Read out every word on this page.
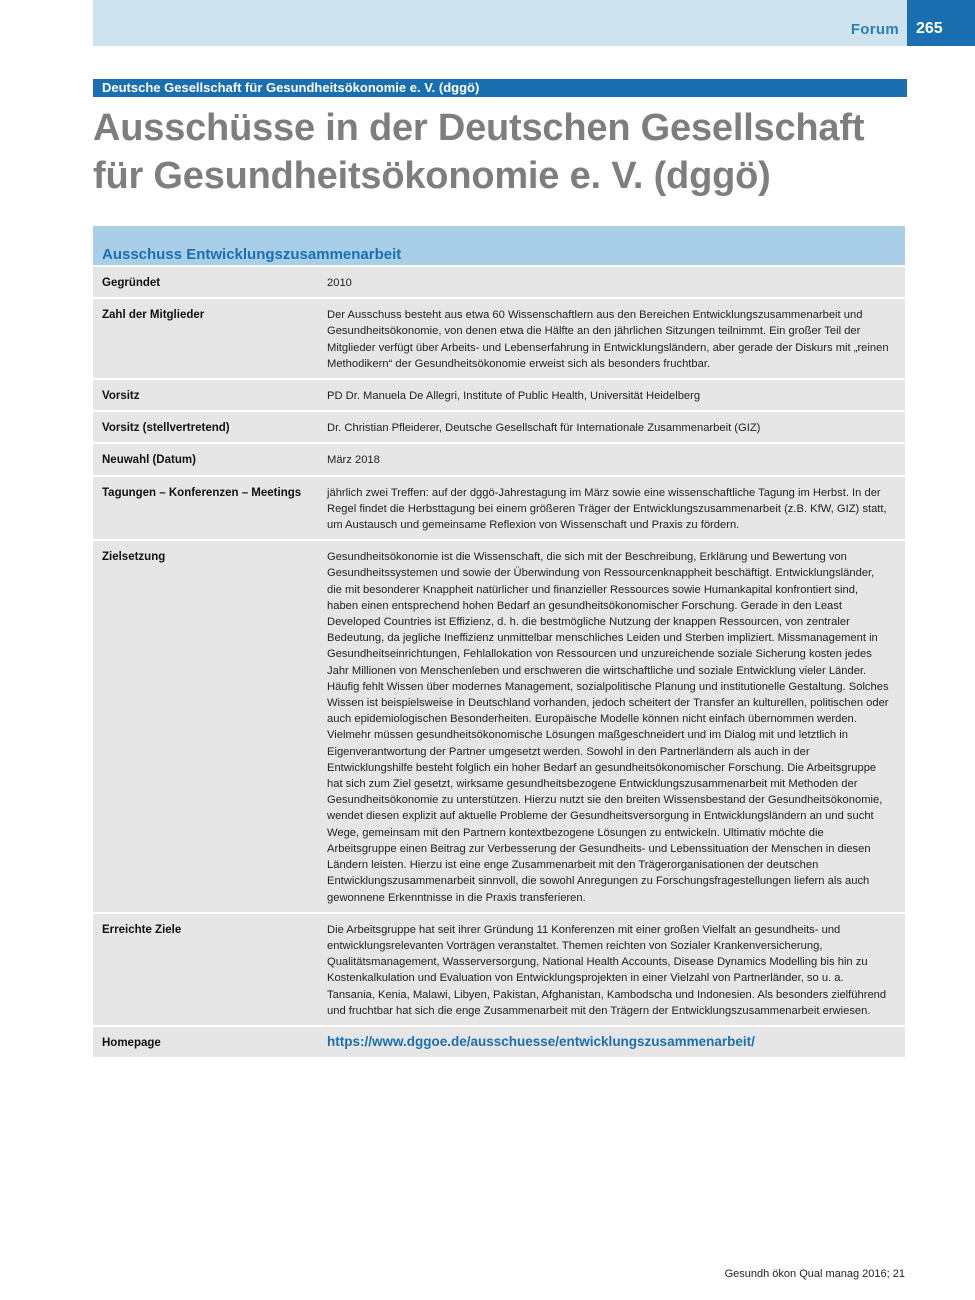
Forum 265
Deutsche Gesellschaft für Gesundheitsökonomie e. V. (dggö)
Ausschüsse in der Deutschen Gesellschaft für Gesundheitsökonomie e. V. (dggö)
Ausschuss Entwicklungszusammenarbeit
Gegründet	2010
Zahl der Mitglieder	Der Ausschuss besteht aus etwa 60 Wissenschaftlern aus den Bereichen Entwicklungszusammenarbeit und Gesundheitsökonomie, von denen etwa die Hälfte an den jährlichen Sitzungen teilnimmt. Ein großer Teil der Mitglieder verfügt über Arbeits- und Lebenserfahrung in Entwicklungsländern, aber gerade der Diskurs mit „reinen Methodikern“ der Gesundheitsökonomie erweist sich als besonders fruchtbar.
Vorsitz	PD Dr. Manuela De Allegri, Institute of Public Health, Universität Heidelberg
Vorsitz (stellvertretend)	Dr. Christian Pfleiderer, Deutsche Gesellschaft für Internationale Zusammenarbeit (GIZ)
Neuwahl (Datum)	März 2018
Tagungen – Konferenzen – Meetings	jährlich zwei Treffen: auf der dggö-Jahrestagung im März sowie eine wissenschaftliche Tagung im Herbst. In der Regel findet die Herbsttagung bei einem größeren Träger der Entwicklungszusammenarbeit (z.B. KfW, GIZ) statt, um Austausch und gemeinsame Reflexion von Wissenschaft und Praxis zu fördern.
Zielsetzung	Gesundheitsökonomie ist die Wissenschaft, die sich mit der Beschreibung, Erklärung und Bewertung von Gesundheitssystemen und sowie der Überwindung von Ressourcenknappheit beschäftigt. Entwicklungsländer, die mit besonderer Knappheit natürlicher und finanzieller Ressources sowie Humankapital konfrontiert sind, haben einen entsprechend hohen Bedarf an gesundheitsökonomischer Forschung. Gerade in den Least Developed Countries ist Effizienz, d. h. die bestmögliche Nutzung der knappen Ressourcen, von zentraler Bedeutung, da jegliche Ineffizienz unmittelbar menschliches Leiden und Sterben impliziert. Missmanagement in Gesundheitseinrichtungen, Fehlallokation von Ressourcen und unzureichende soziale Sicherung kosten jedes Jahr Millionen von Menschenleben und erschweren die wirtschaftliche und soziale Entwicklung vieler Länder. Häufig fehlt Wissen über modernes Management, sozialpolitische Planung und institutionelle Gestaltung. Solches Wissen ist beispielsweise in Deutschland vorhanden, jedoch scheitert der Transfer an kulturellen, politischen oder auch epidemiologischen Besonderheiten. Europäische Modelle können nicht einfach übernommen werden. Vielmehr müssen gesundheitsökonomische Lösungen maßgeschneidert und im Dialog mit und letztlich in Eigenverantwortung der Partner umgesetzt werden. Sowohl in den Partnerländern als auch in der Entwicklungshilfe besteht folglich ein hoher Bedarf an gesundheitsökonomischer Forschung. Die Arbeitsgruppe hat sich zum Ziel gesetzt, wirksame gesundheitsbezogene Entwicklungszusammenarbeit mit Methoden der Gesundheitsökonomie zu unterstützen. Hierzu nutzt sie den breiten Wissensbestand der Gesundheitsökonomie, wendet diesen explizit auf aktuelle Probleme der Gesundheitsversorgung in Entwicklungsländern an und sucht Wege, gemeinsam mit den Partnern kontextbezogene Lösungen zu entwickeln. Ultimativ möchte die Arbeitsgruppe einen Beitrag zur Verbesserung der Gesundheits- und Lebenssituation der Menschen in diesen Ländern leisten. Hierzu ist eine enge Zusammenarbeit mit den Trägerorganisationen der deutschen Entwicklungszusammenarbeit sinnvoll, die sowohl Anregungen zu Forschungsfragestellungen liefern als auch gewonnene Erkenntnisse in die Praxis transferieren.
Erreichte Ziele	Die Arbeitsgruppe hat seit ihrer Gründung 11 Konferenzen mit einer großen Vielfalt an gesundheits- und entwicklungsrelevanten Vorträgen veranstaltet. Themen reichten von Sozialer Krankenversicherung, Qualitätsmanagement, Wasserversorgung, National Health Accounts, Disease Dynamics Modelling bis hin zu Kostenkalkulation und Evaluation von Entwicklungsprojekten in einer Vielzahl von Partnerländer, so u. a. Tansania, Kenia, Malawi, Libyen, Pakistan, Afghanistan, Kambodscha und Indonesien. Als besonders zielführend und fruchtbar hat sich die enge Zusammenarbeit mit den Trägern der Entwicklungszusammenarbeit erwiesen.
Homepage	https://www.dggoe.de/ausschuesse/entwicklungszusammenarbeit/
Gesundh ökon Qual manag 2016; 21
